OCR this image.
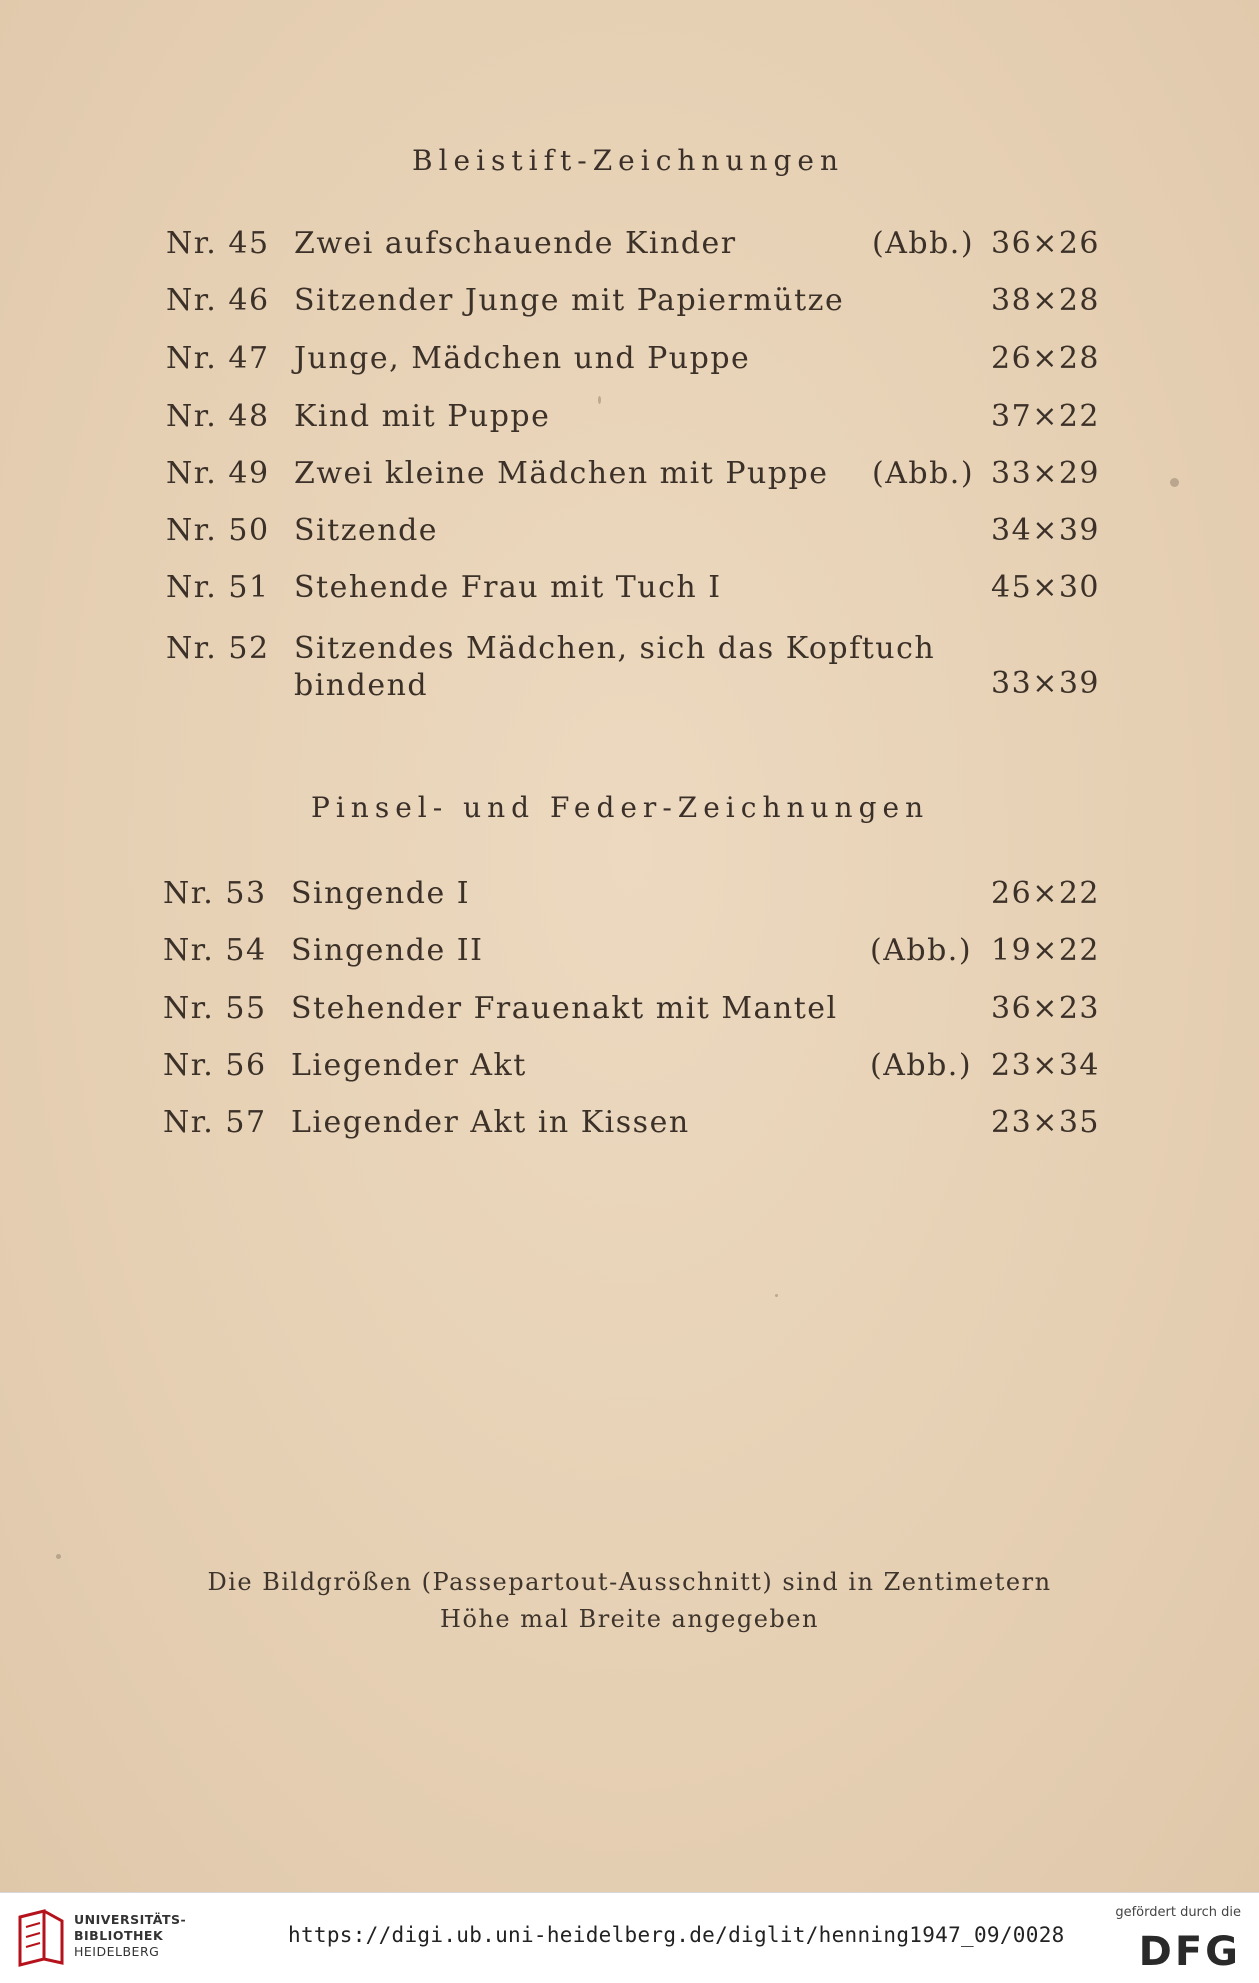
Bleistift-Zeichnungen
Nr. 45 Zwei aufschauende Kinder	(Abb.) 36×26
Nr. 46 Sitzender Junge mit Papiermütze	38×28
Nr. 47 Junge, Mädchen und Puppe	26×28
Nr. 48 Kind mit Puppe	37×22
Nr. 49 Zwei kleine Mädchen mit Puppe (Abb.) 33×29
Nr. 50 Sitzende	34×39
Nr. 51 Stehende Frau mit Tuch I	45×30
Nr. 52 Sitzendes Mädchen, sich das Kopftuch
bindend	33×39
Pinsel- und Feder-Zeichnungen
Nr. 53 Singende I	26×22
Nr. 54 Singende II	(Abb.) 19×22
Nr. 55 Stehender Frauenakt mit Mantel	36×23
Nr. 56 Liegender Akt	(Abb.) 23×34
Nr. 57 Liegender Akt in Kissen	23×35
Die Bildgrößen (Passepartout-Ausschnitt) sind in Zentimetern
Höhe mal Breite angegeben
UNIVERSITÄTS-
BIBLIOTHEK
HEIDELBERG
https://digi.ub.uni-heidelberg.de/diglit/henning1947_09/0028
gefördert durch die
DFG
